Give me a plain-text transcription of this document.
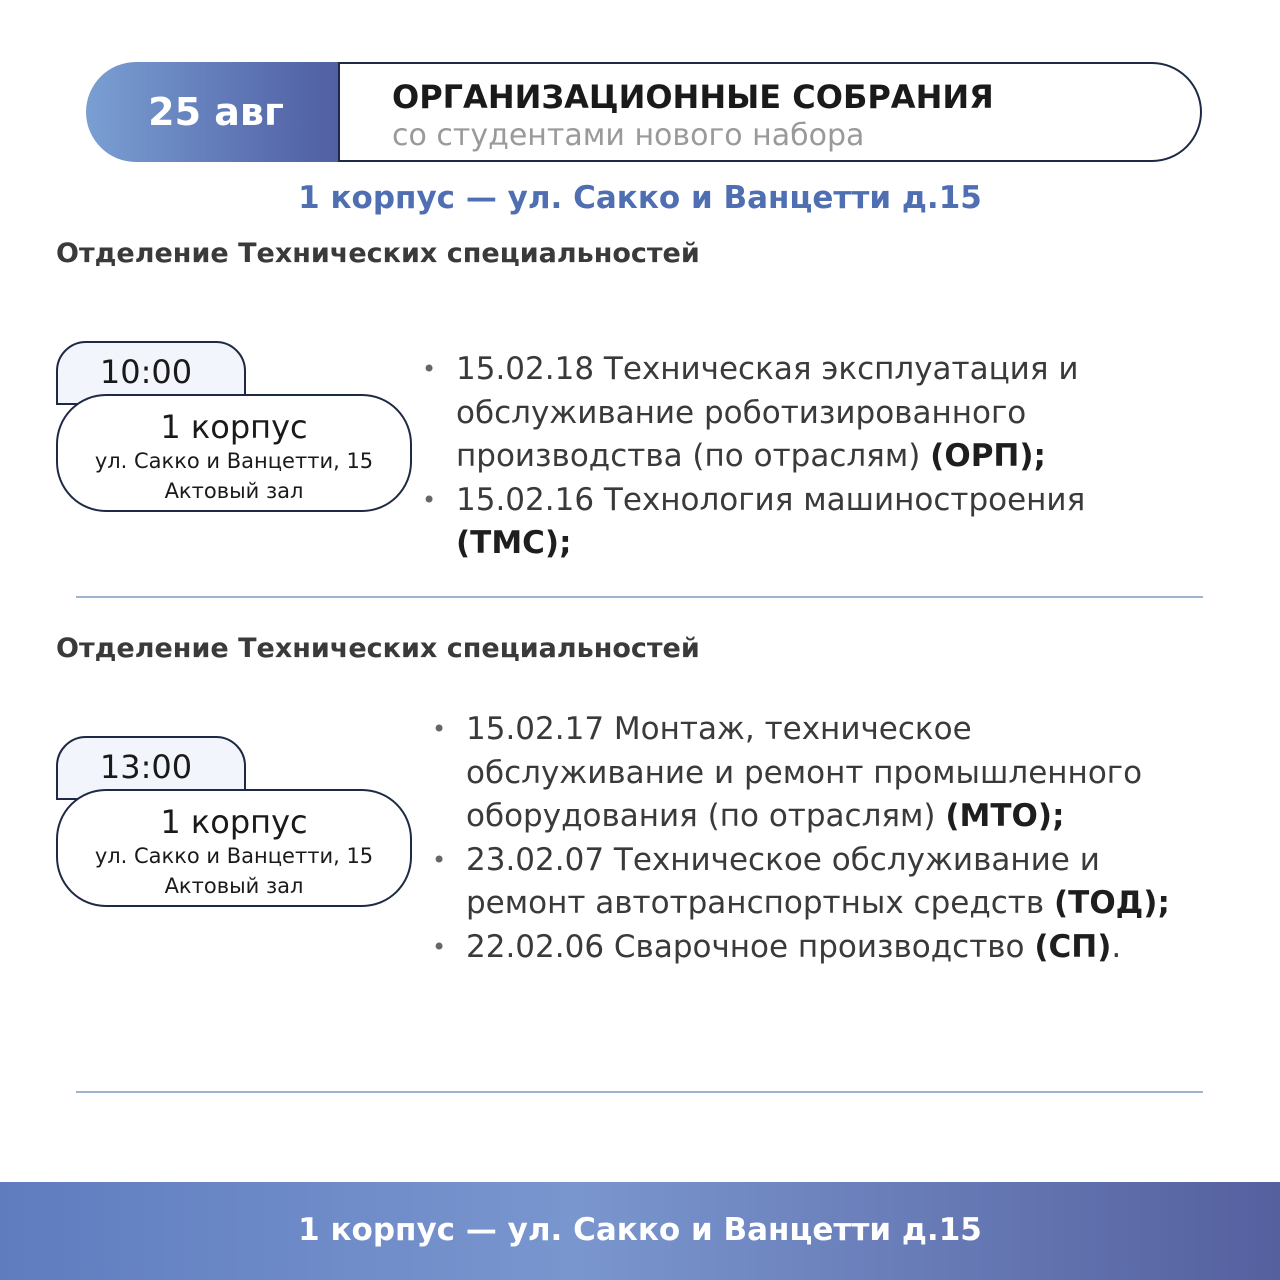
25 авг	ОРГАНИЗАЦИОННЫЕ СОБРАНИЯ
со студентами нового набора
1 корпус — ул. Сакко и Ванцетти д.15
Отделение Технических специальностей
10:00
1 корпус
ул. Сакко и Ванцетти, 15
Актовый зал
• 15.02.18 Техническая эксплуатация и обслуживание роботизированного производства (по отраслям) (ОРП);
• 15.02.16 Технология машиностроения (ТМС);
Отделение Технических специальностей
13:00
1 корпус
ул. Сакко и Ванцетти, 15
Актовый зал
• 15.02.17 Монтаж, техническое обслуживание и ремонт промышленного оборудования (по отраслям) (МТО);
• 23.02.07 Техническое обслуживание и ремонт автотранспортных средств (ТОД);
• 22.02.06 Сварочное производство (СП).
1 корпус — ул. Сакко и Ванцетти д.15
